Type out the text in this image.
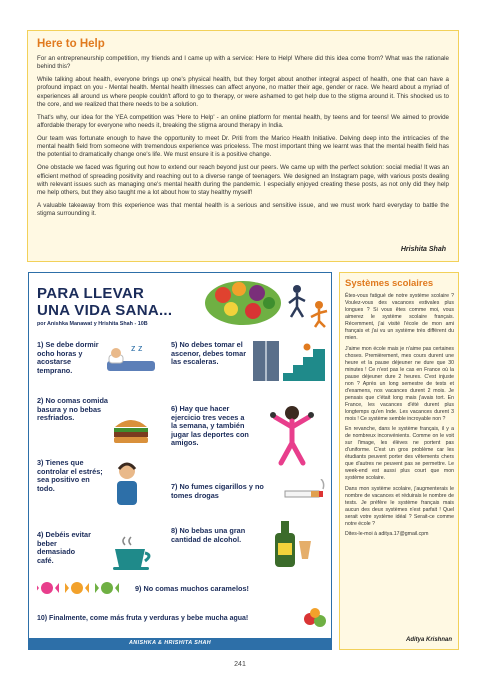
Here to Help

For an entrepreneurship competition, my friends and I came up with a service: Here to Help! Where did this idea come from? What was the rationale behind this?

While talking about health, everyone brings up one's physical health, but they forget about another integral aspect of health, one that can have a profound impact on you - Mental health. Mental health illnesses can affect anyone, no matter their age, gender or race. We heard about a myriad of experiences all around us where people couldn't afford to go to therapy, or were ashamed to get help due to the stigma around it. This shocked us to the core, and we realized that there needs to be a solution.

That's why, our idea for the YEA competition was 'Here to Help' - an online platform for mental health, by teens and for teens! We aimed to provide affordable therapy for everyone who needs it, breaking the stigma around therapy in India.

Our team was fortunate enough to have the opportunity to meet Dr. Priti from the Marico Health Initiative. Delving deep into the intricacies of the mental health field from someone with tremendous experience was priceless. The most important thing we learnt was that the mental health field has the potential to dramatically change one's life. We must ensure it is a positive change.

One obstacle we faced was figuring out how to extend our reach beyond just our peers. We came up with the perfect solution: social media! It was an efficient method of spreading positivity and reaching out to a diverse range of teenagers. We designed an Instagram page, with various posts dealing with relevant issues such as managing one's mental health during the pandemic. I especially enjoyed creating these posts, as not only did they help me help others, but they also taught me a lot about how to stay healthy myself!

A valuable takeaway from this experience was that mental health is a serious and sensitive issue, and we must work hard everyday to battle the stigma surrounding it.

Hrishita Shah
PARA LLEVAR
UNA VIDA SANA...
por Anishka Manawat y Hrishita Shah - 10B
1) Se debe dormir ocho horas y acostarse temprano.
z z
2) No comas comida basura y no bebas resfriados.
3) Tienes que controlar el estrés; sea positivo en todo.
4) Debéis evitar beber demasiado café.
5) No debes tomar el ascenor, debes tomar las escaleras.
6) Hay que hacer ejercicio tres veces a la semana, y también jugar las deportes con amigos.
7) No fumes cigarillos y no tomes drogas
8) No bebas una gran cantidad de alcohol.
9) No comas muchos caramelos!
10) Finalmente, come más fruta y verduras y bebe mucha agua!
ANISHKA & HRISHITA SHAH
Systèmes scolaires

Êtes-vous fatigué de notre système scolaire ? Voulez-vous des vacances estivales plus longues ? Si vous êtes comme moi, vous aimerez le système scolaire français. Récemment, j'ai visité l'école de mon ami français et j'ai vu un système très différent du mien.

J'aime mon école mais je n'aime pas certaines choses. Premièrement, mes cours durent une heure et la pause déjeuner ne dure que 30 minutes ! Ce n'est pas le cas en France où la pause déjeuner dure 2 heures. C'est injuste non ? Après un long semestre de tests et d'examens, nos vacances durent 2 mois. Je pensais que c'était long mais j'avais tort. En France, les vacances d'été durent plus longtemps qu'en Inde. Les vacances durent 3 mois ! Ce système semble incroyable non ?

En revanche, dans le système français, il y a de nombreux inconvénients. Comme on le voit sur l'image, les élèves ne portent pas d'uniforme. C'est un gros problème car les étudiants peuvent porter des vêtements chers que d'autres ne peuvent pas se permettre. Le week-end est aussi plus court que mon système scolaire.

Dans mon système scolaire, j'augmenterais le nombre de vacances et réduirais le nombre de tests. Je préfère le système français mais aucun des deux systèmes n'est parfait ! Quel serait votre système idéal ? Serait-ce comme notre école ?

Dites-le-moi à aditya.17@gmail.cpm

Aditya Krishnan
241
